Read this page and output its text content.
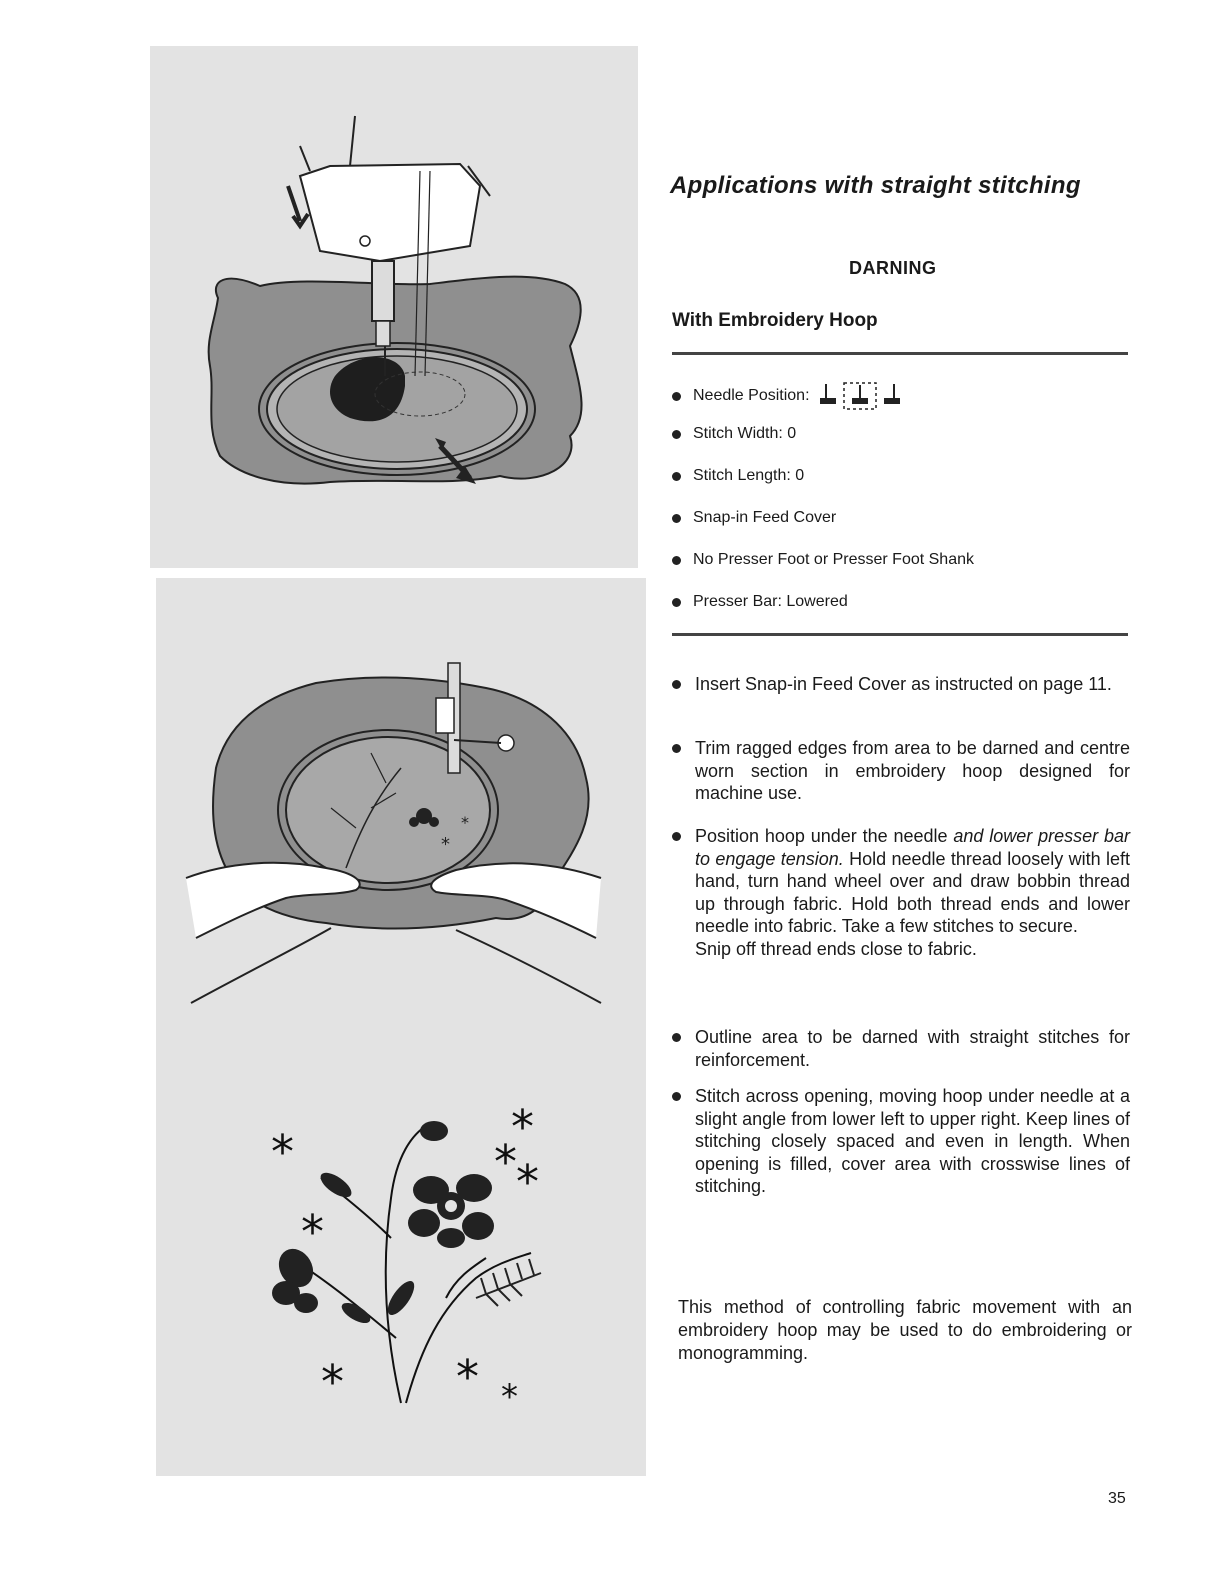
*
*
*
*
*
*
*
* * *
Applications with straight stitching
DARNING
With Embroidery Hoop
Needle Position:
Stitch Width: 0
Stitch Length: 0
Snap-in Feed Cover
No Presser Foot or Presser Foot Shank
Presser Bar: Lowered
Insert Snap-in Feed Cover as instructed on page 11.
Trim ragged edges from area to be darned and centre worn section in embroidery hoop designed for machine use.
Position hoop under the needle and lower presser bar to engage tension. Hold needle thread loosely with left hand, turn hand wheel over and draw bobbin thread up through fabric. Hold both thread ends and lower needle into fabric. Take a few stitches to secure.
Snip off thread ends close to fabric.
Outline area to be darned with straight stitches for reinforcement.
Stitch across opening, moving hoop under needle at a slight angle from lower left to upper right. Keep lines of stitching closely spaced and even in length. When opening is filled, cover area with crosswise lines of stitching.
This method of controlling fabric movement with an embroidery hoop may be used to do embroidering or monogramming.
35
